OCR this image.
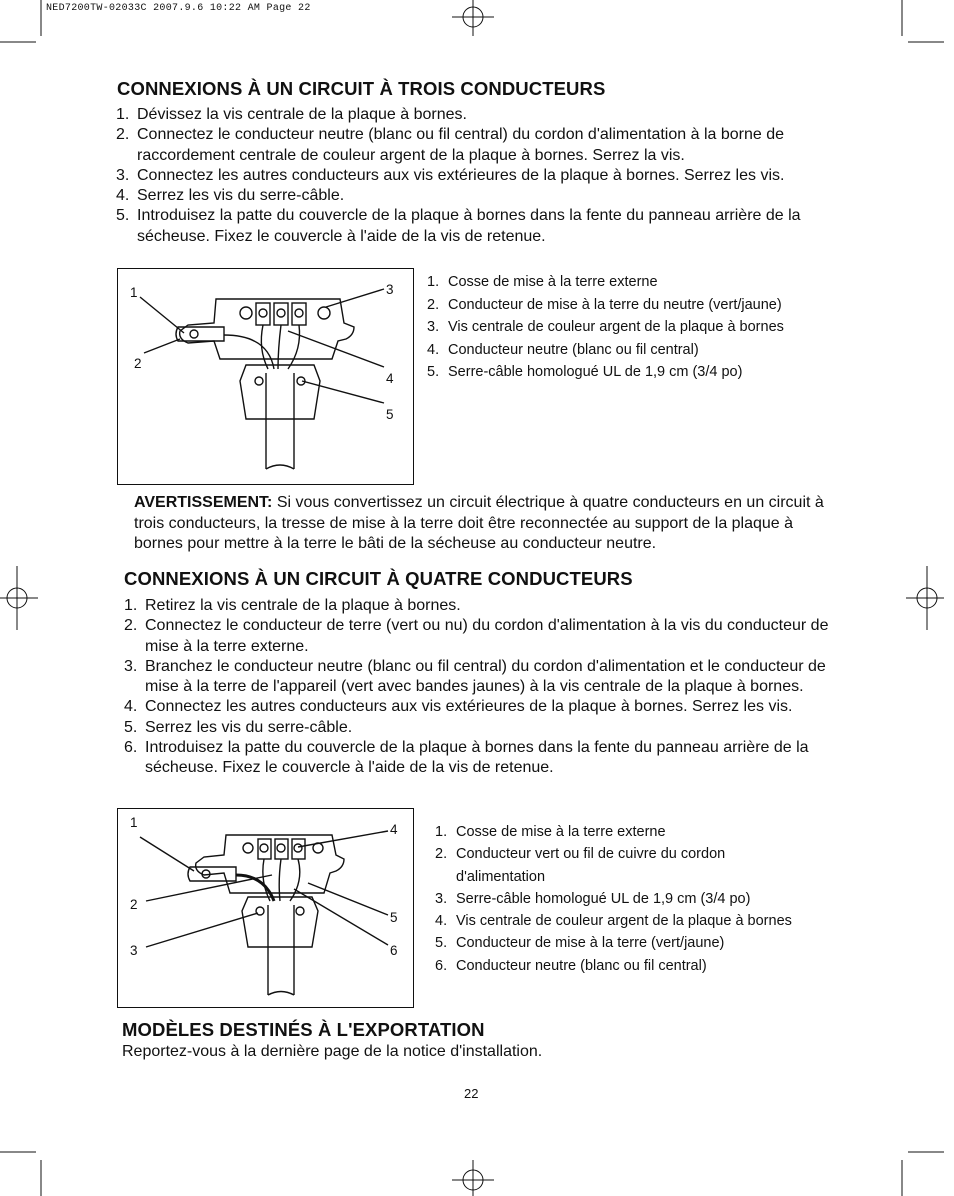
NED7200TW-02033C 2007.9.6 10:22 AM Page 22
CONNEXIONS À UN CIRCUIT À TROIS CONDUCTEURS
1. Dévissez la vis centrale de la plaque à bornes.
2. Connectez le conducteur neutre (blanc ou fil central) du cordon d'alimentation à la borne de raccordement centrale de couleur argent de la plaque à bornes. Serrez la vis.
3. Connectez les autres conducteurs aux vis extérieures de la plaque à bornes. Serrez les vis.
4. Serrez les vis du serre-câble.
5. Introduisez la patte du couvercle de la plaque à bornes dans la fente du panneau arrière de la sécheuse. Fixez le couvercle à l'aide de la vis de retenue.
1
2
3
4
5
1. Cosse de mise à la terre externe
2. Conducteur de mise à la terre du neutre (vert/jaune)
3. Vis centrale de couleur argent de la plaque à bornes
4. Conducteur neutre (blanc ou fil central)
5. Serre-câble homologué UL de 1,9 cm (3/4 po)

AVERTISSEMENT: Si vous convertissez un circuit électrique à quatre conducteurs en un circuit à trois conducteurs, la tresse de mise à la terre doit être reconnectée au support de la plaque à bornes pour mettre à la terre le bâti de la sécheuse au conducteur neutre.

CONNEXIONS À UN CIRCUIT À QUATRE CONDUCTEURS
1. Retirez la vis centrale de la plaque à bornes.
2. Connectez le conducteur de terre (vert ou nu) du cordon d'alimentation à la vis du conducteur de mise à la terre externe.
3. Branchez le conducteur neutre (blanc ou fil central) du cordon d'alimentation et le conducteur de mise à la terre de l'appareil (vert avec bandes jaunes) à la vis centrale de la plaque à bornes.
4. Connectez les autres conducteurs aux vis extérieures de la plaque à bornes. Serrez les vis.
5. Serrez les vis du serre-câble.
6. Introduisez la patte du couvercle de la plaque à bornes dans la fente du panneau arrière de la sécheuse. Fixez le couvercle à l'aide de la vis de retenue.
1
2
3
4
5
6
1. Cosse de mise à la terre externe
2. Conducteur vert ou fil de cuivre du cordon d'alimentation
3. Serre-câble homologué UL de 1,9 cm (3/4 po)
4. Vis centrale de couleur argent de la plaque à bornes
5. Conducteur de mise à la terre (vert/jaune)
6. Conducteur neutre (blanc ou fil central)
MODÈLES DESTINÉS À L'EXPORTATION
Reportez-vous à la dernière page de la notice d'installation.
22
